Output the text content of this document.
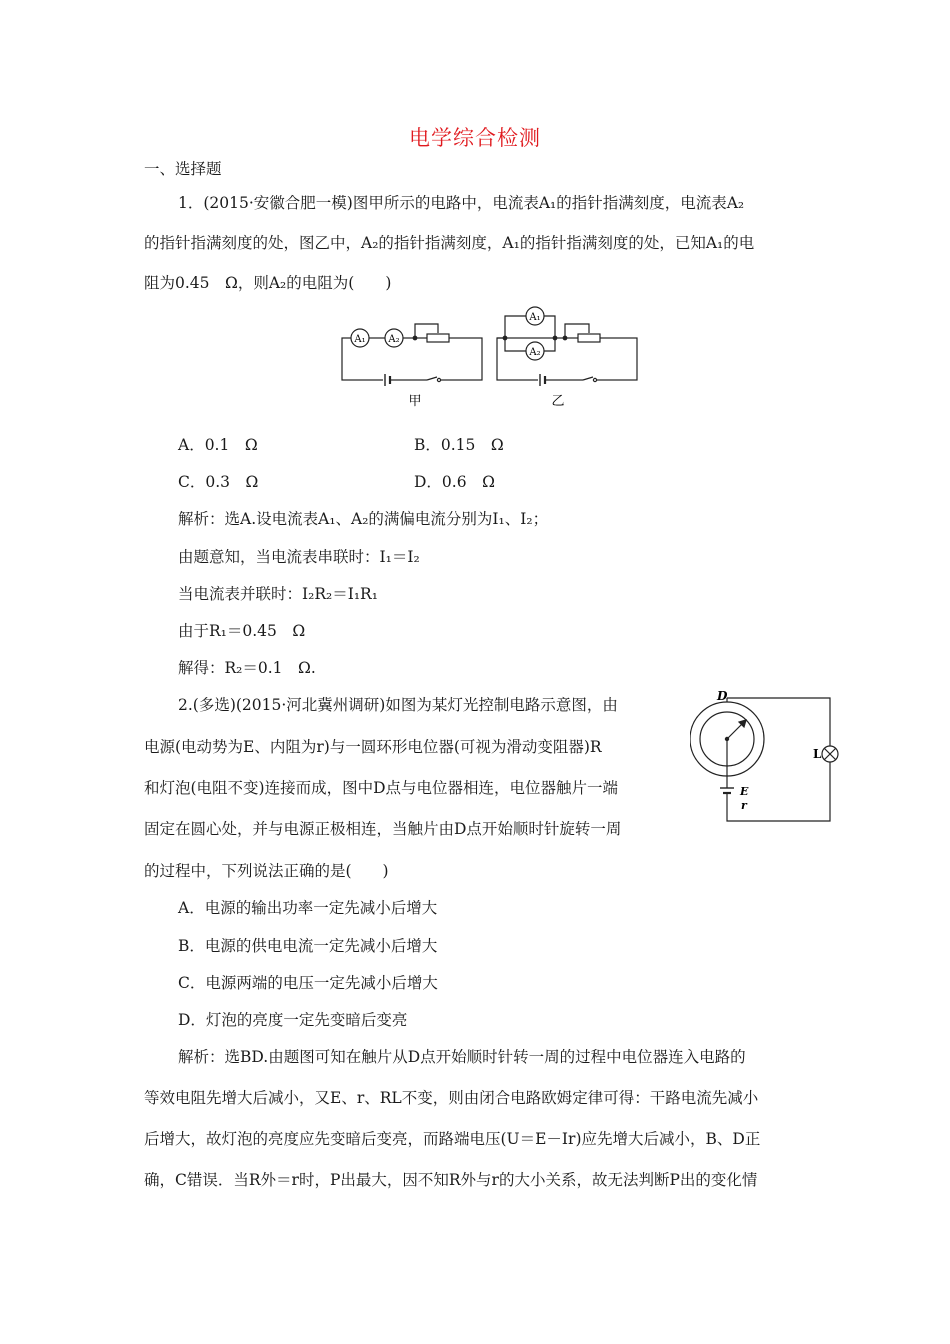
电学综合检测
一、选择题
1．(2015·安徽合肥一模)图甲所示的电路中，电流表A₁的指针指满刻度，电流表A₂
的指针指满刻度的处，图乙中，A₂的指针指满刻度，A₁的指针指满刻度的处，已知A₁的电
阻为0.45　Ω，则A₂的电阻为(　　)
A₁ A₂
A₁
A₂
甲	乙
A．0.1　Ω	B．0.15　Ω
C．0.3　Ω	D．0.6　Ω
解析：选A.设电流表A₁、A₂的满偏电流分别为I₁、I₂；
由题意知，当电流表串联时：I₁＝I₂
当电流表并联时：I₂R₂＝I₁R₁
由于R₁＝0.45　Ω
解得：R₂＝0.1　Ω.
2.(多选)(2015·河北冀州调研)如图为某灯光控制电路示意图，由
电源(电动势为E、内阻为r)与一圆环形电位器(可视为滑动变阻器)R
和灯泡(电阻不变)连接而成，图中D点与电位器相连，电位器触片一端
固定在圆心处，并与电源正极相连，当触片由D点开始顺时针旋转一周
的过程中，下列说法正确的是(　　)
D
L
E
r
A．电源的输出功率一定先减小后增大
B．电源的供电电流一定先减小后增大
C．电源两端的电压一定先减小后增大
D．灯泡的亮度一定先变暗后变亮
解析：选BD.由题图可知在触片从D点开始顺时针转一周的过程中电位器连入电路的
等效电阻先增大后减小，又E、r、RL不变，则由闭合电路欧姆定律可得：干路电流先减小
后增大，故灯泡的亮度应先变暗后变亮，而路端电压(U＝E－Ir)应先增大后减小，B、D正
确，C错误．当R外＝r时，P出最大，因不知R外与r的大小关系，故无法判断P出的变化情
